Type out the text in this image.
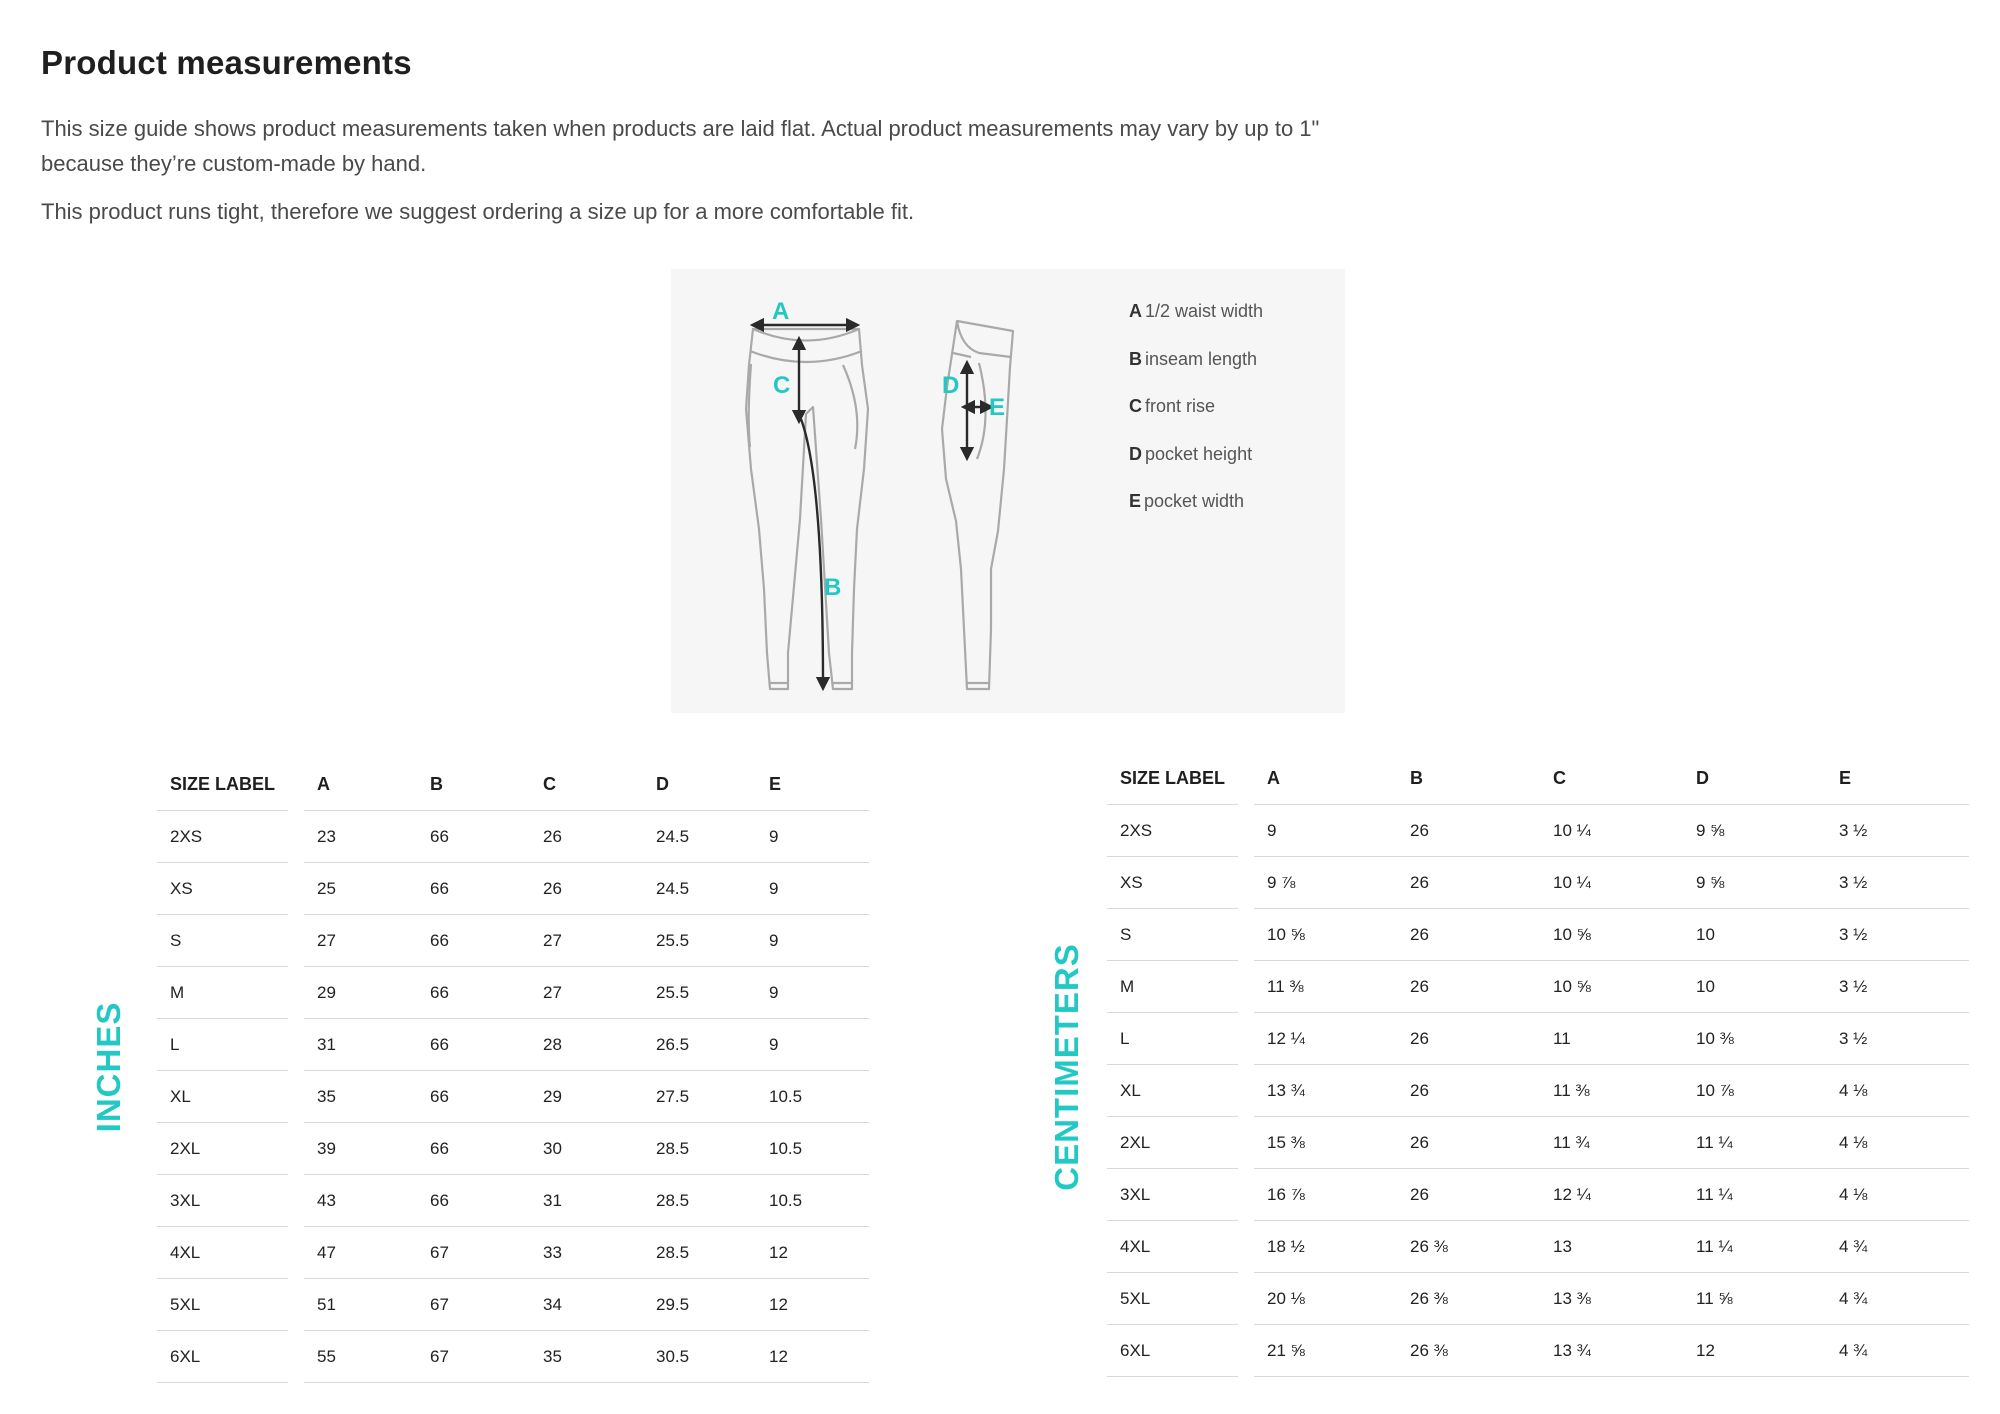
Product measurements

This size guide shows product measurements taken when products are laid flat. Actual product measurements may vary by up to 1" because they’re custom-made by hand.

This product runs tight, therefore we suggest ordering a size up for a more comfortable fit.

A
B
C	D
E
A 1/2 waist width
B inseam length
C front rise
D pocket height
E pocket width
INCHES	CENTIMETERS
SIZE LABEL		A	B	C	D	E
2XS		23	66	26	24.5	9
XS		25	66	26	24.5	9
S		27	66	27	25.5	9
M		29	66	27	25.5	9
L		31	66	28	26.5	9
XL		35	66	29	27.5	10.5
2XL		39	66	30	28.5	10.5
3XL		43	66	31	28.5	10.5
4XL		47	67	33	28.5	12
5XL		51	67	34	29.5	12
6XL		55	67	35	30.5	12
SIZE LABEL		A	B	C	D	E
2XS		9	26	10 ¼	9 ⅝	3 ½
XS		9 ⅞	26	10 ¼	9 ⅝	3 ½
S		10 ⅝	26	10 ⅝	10	3 ½
M		11 ⅜	26	10 ⅝	10	3 ½
L		12 ¼	26	11	10 ⅜	3 ½
XL		13 ¾	26	11 ⅜	10 ⅞	4 ⅛
2XL		15 ⅜	26	11 ¾	11 ¼	4 ⅛
3XL		16 ⅞	26	12 ¼	11 ¼	4 ⅛
4XL		18 ½	26 ⅜	13	11 ¼	4 ¾
5XL		20 ⅛	26 ⅜	13 ⅜	11 ⅝	4 ¾
6XL		21 ⅝	26 ⅜	13 ¾	12	4 ¾
